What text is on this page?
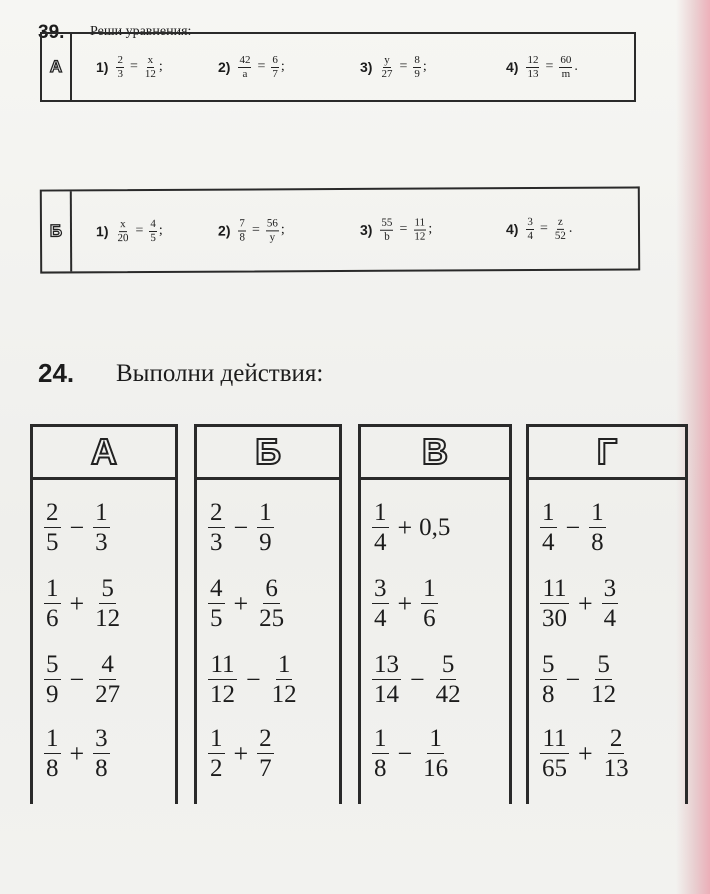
39. Реши уравнения:
A	$1) \frac{2}{3} = \frac{x}{12}$ ;	$2) \frac{42}{a} = \frac{6}{7}$ ;	$3) \frac{y}{27} = \frac{8}{9}$ ;	$4) \frac{12}{13} = \frac{60}{m}$ .
Б	$1) \frac{x}{20} = \frac{4}{5}$ ;	$2) \frac{7}{8} = \frac{56}{y}$ ;	$3) \frac{55}{b} = \frac{11}{12}$ ;	$4) \frac{3}{4} = \frac{z}{52}$ .
24. Выполни действия:
A
$\frac{2}{5} - \frac{1}{3}$
$\frac{1}{6} + \frac{5}{12}$
$\frac{5}{9} - \frac{4}{27}$
$\frac{1}{8} + \frac{3}{8}$
Б
$\frac{2}{3} - \frac{1}{9}$
$\frac{4}{5} + \frac{6}{25}$
$\frac{11}{12} - \frac{1}{12}$
$\frac{1}{2} + \frac{2}{7}$
В
$\frac{1}{4} + 0,5$
$\frac{3}{4} + \frac{1}{6}$
$\frac{13}{14} - \frac{5}{42}$
$\frac{1}{8} - \frac{1}{16}$
Г
$\frac{1}{4} - \frac{1}{8}$
$\frac{11}{30} + \frac{3}{4}$
$\frac{5}{8} - \frac{5}{12}$
$\frac{11}{65} + \frac{2}{13}$
